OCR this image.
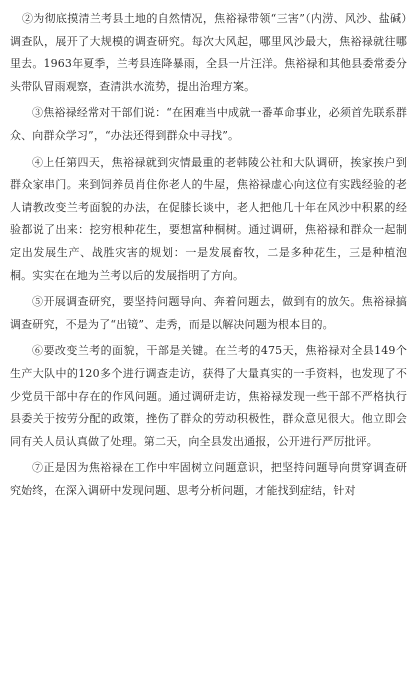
②为彻底摸清兰考县土地的自然情况，焦裕禄带领“三害”（内涝、风沙、盐碱）调查队，展开了大规模的调查研究。每次大风起，哪里风沙最大，焦裕禄就往哪里去。1963年夏季，兰考县连降暴雨，全县一片汪洋。焦裕禄和其他县委常委分头带队冒雨观察，查清洪水流势，提出治理方案。

③焦裕禄经常对干部们说：“在困难当中成就一番革命事业，必须首先联系群众、向群众学习”，“办法还得到群众中寻找”。

④上任第四天，焦裕禄就到灾情最重的老韩陵公社和大队调研，挨家挨户到群众家串门。来到饲养员肖住你老人的牛屋，焦裕禄虚心向这位有实践经验的老人请教改变兰考面貌的办法，在促膝长谈中，老人把他几十年在风沙中积累的经验都说了出来：挖穷根种花生，要想富种桐树。通过调研，焦裕禄和群众一起制定出发展生产、战胜灾害的规划：一是发展畜牧，二是多种花生，三是种植泡桐。实实在在地为兰考以后的发展指明了方向。

⑤开展调查研究，要坚持问题导向、奔着问题去，做到有的放矢。焦裕禄搞调查研究，不是为了“出镜”、走秀，而是以解决问题为根本目的。

⑥要改变兰考的面貌，干部是关键。在兰考的475天，焦裕禄对全县149个生产大队中的120多个进行调查走访，获得了大量真实的一手资料，也发现了不少党员干部中存在的作风问题。通过调研走访，焦裕禄发现一些干部不严格执行县委关于按劳分配的政策，挫伤了群众的劳动积极性，群众意见很大。他立即会同有关人员认真做了处理。第二天，向全县发出通报，公开进行严厉批评。

⑦正是因为焦裕禄在工作中牢固树立问题意识，把坚持问题导向贯穿调查研究始终，在深入调研中发现问题、思考分析问题，才能找到症结，针对
